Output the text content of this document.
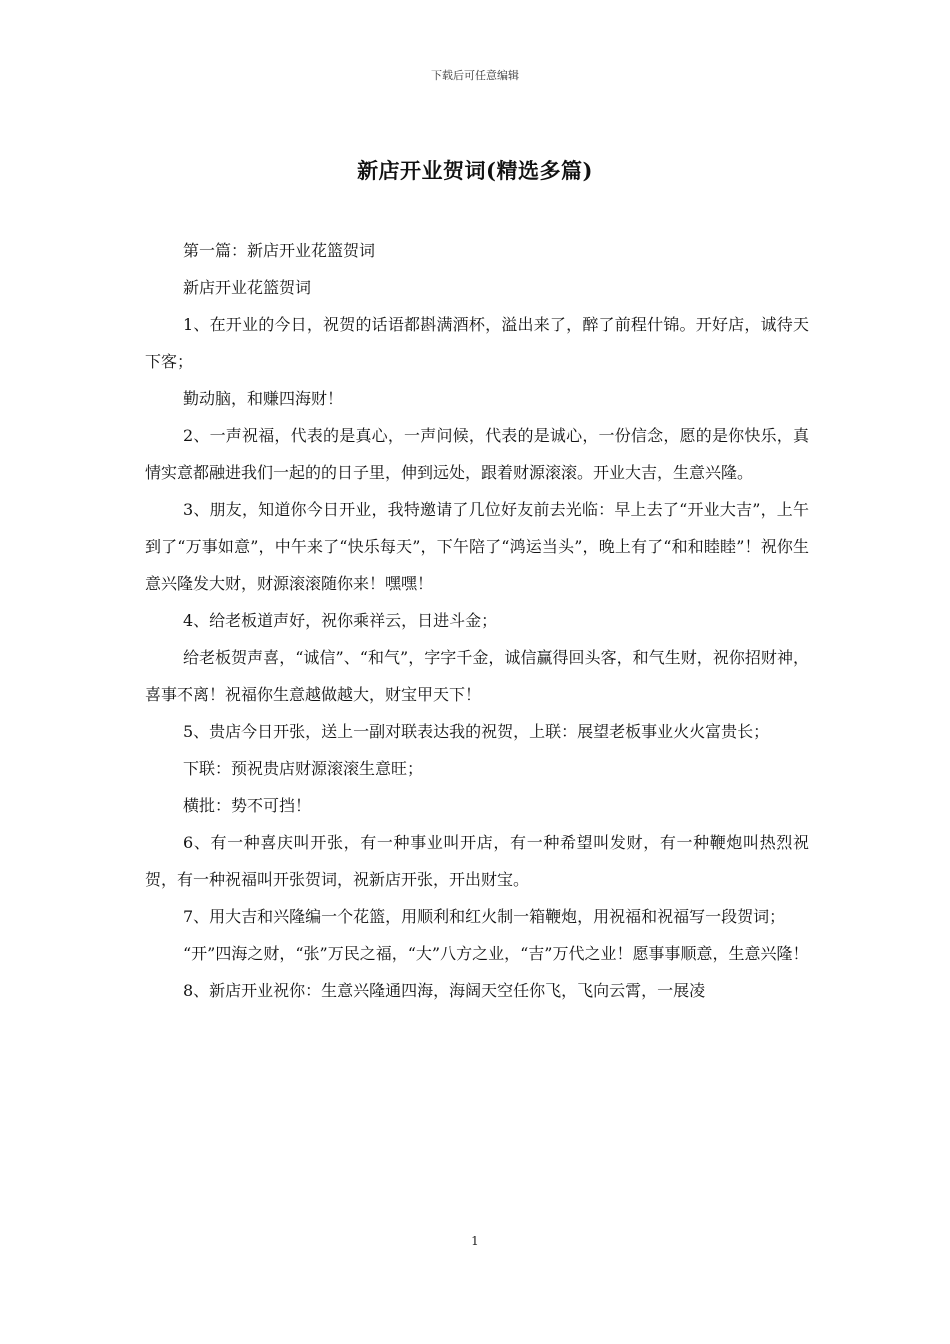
下载后可任意编辑
新店开业贺词(精选多篇)

第一篇：新店开业花篮贺词

新店开业花篮贺词

1、在开业的今日，祝贺的话语都斟满酒杯，溢出来了，醉了前程什锦。开好店，诚待天下客；

勤动脑，和赚四海财！

2、一声祝福，代表的是真心，一声问候，代表的是诚心，一份信念，愿的是你快乐，真情实意都融进我们一起的的日子里，伸到远处，跟着财源滚滚。开业大吉，生意兴隆。

3、朋友，知道你今日开业，我特邀请了几位好友前去光临：早上去了“开业大吉”，上午到了“万事如意”，中午来了“快乐每天”，下午陪了“鸿运当头”，晚上有了“和和睦睦”！祝你生意兴隆发大财，财源滚滚随你来！嘿嘿！

4、给老板道声好，祝你乘祥云，日进斗金；

给老板贺声喜，“诚信”、“和气”，字字千金，诚信赢得回头客，和气生财，祝你招财神，喜事不离！祝福你生意越做越大，财宝甲天下！

5、贵店今日开张，送上一副对联表达我的祝贺，上联：展望老板事业火火富贵长；

下联：预祝贵店财源滚滚生意旺；

横批：势不可挡！

6、有一种喜庆叫开张，有一种事业叫开店，有一种希望叫发财，有一种鞭炮叫热烈祝贺，有一种祝福叫开张贺词，祝新店开张，开出财宝。

7、用大吉和兴隆编一个花篮，用顺利和红火制一箱鞭炮，用祝福和祝福写一段贺词；

“开”四海之财，“张”万民之福，“大”八方之业，“吉”万代之业！愿事事顺意，生意兴隆！

8、新店开业祝你：生意兴隆通四海，海阔天空任你飞，飞向云霄，一展凌

1
